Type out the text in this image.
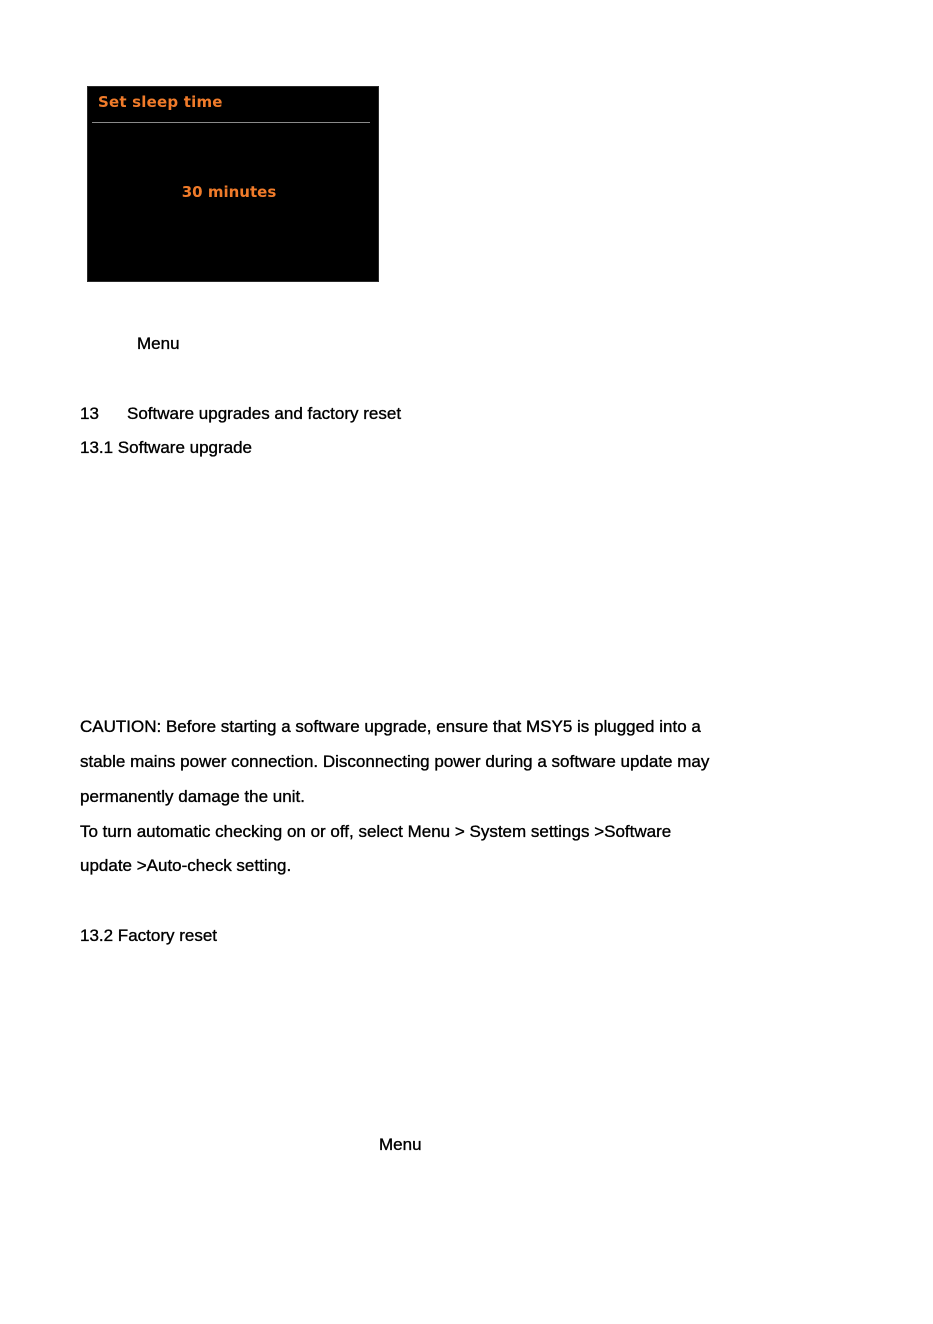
Set sleep time
30 minutes
Menu
13 Software upgrades and factory reset
13.1 Software upgrade
CAUTION: Before starting a software upgrade, ensure that MSY5 is plugged into a
stable mains power connection. Disconnecting power during a software update may
permanently damage the unit.
To turn automatic checking on or off, select Menu > System settings >Software
update >Auto-check setting.
13.2 Factory reset
Menu
